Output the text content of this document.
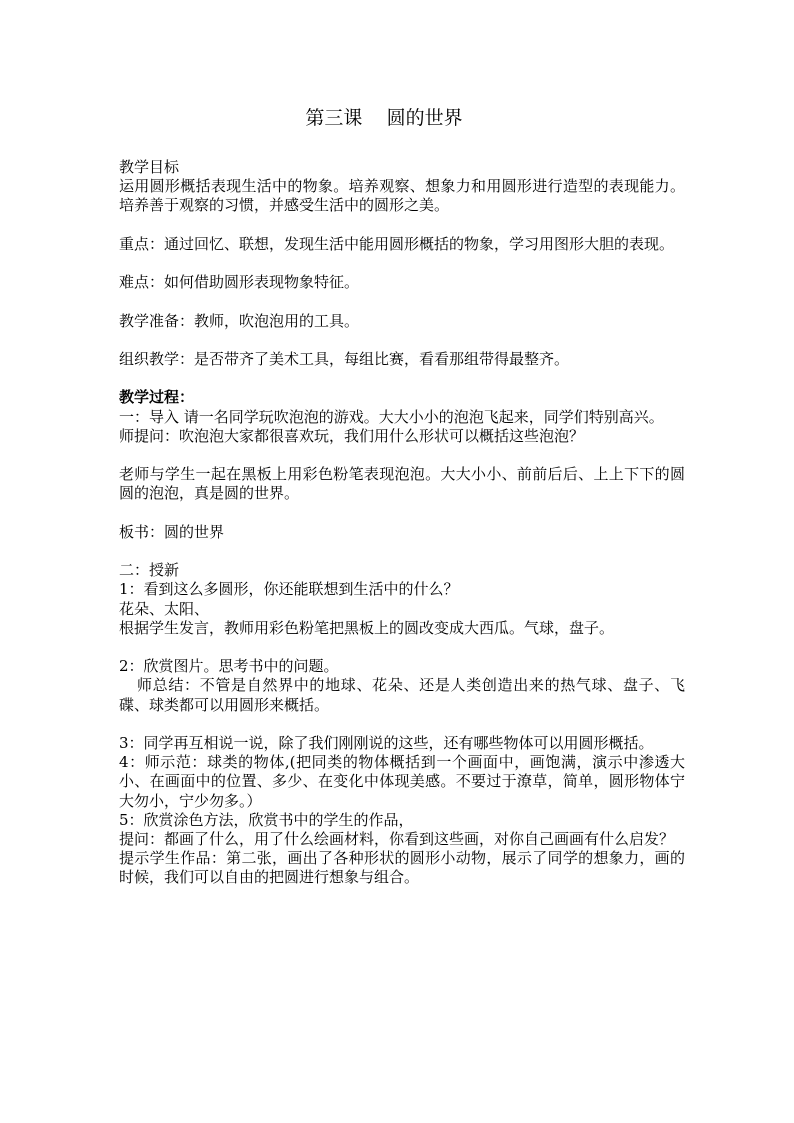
第三课    圆的世界

教学目标

运用圆形概括表现生活中的物象。培养观察、想象力和用圆形进行造型的表现能力。培养善于观察的习惯，并感受生活中的圆形之美。

重点：通过回忆、联想，发现生活中能用圆形概括的物象，学习用图形大胆的表现。

难点：如何借助圆形表现物象特征。

教学准备：教师，吹泡泡用的工具。

组织教学：是否带齐了美术工具，每组比赛，看看那组带得最整齐。

教学过程：

一：导入 请一名同学玩吹泡泡的游戏。大大小小的泡泡飞起来，同学们特别高兴。

师提问：吹泡泡大家都很喜欢玩，我们用什么形状可以概括这些泡泡？

老师与学生一起在黑板上用彩色粉笔表现泡泡。大大小小、前前后后、上上下下的圆圆的泡泡，真是圆的世界。

板书：圆的世界

二：授新

1：看到这么多圆形，你还能联想到生活中的什么？

花朵、太阳、

根据学生发言，教师用彩色粉笔把黑板上的圆改变成大西瓜。气球，盘子。

2：欣赏图片。思考书中的问题。

师总结：不管是自然界中的地球、花朵、还是人类创造出来的热气球、盘子、飞碟、球类都可以用圆形来概括。

3：同学再互相说一说，除了我们刚刚说的这些，还有哪些物体可以用圆形概括。

4：师示范：球类的物体,(把同类的物体概括到一个画面中，画饱满，演示中渗透大小、在画面中的位置、多少、在变化中体现美感。不要过于潦草，简单，圆形物体宁大勿小，宁少勿多。）

5：欣赏涂色方法，欣赏书中的学生的作品，

提问：都画了什么，用了什么绘画材料，你看到这些画，对你自己画画有什么启发？

提示学生作品：第二张，画出了各种形状的圆形小动物，展示了同学的想象力，画的时候，我们可以自由的把圆进行想象与组合。
